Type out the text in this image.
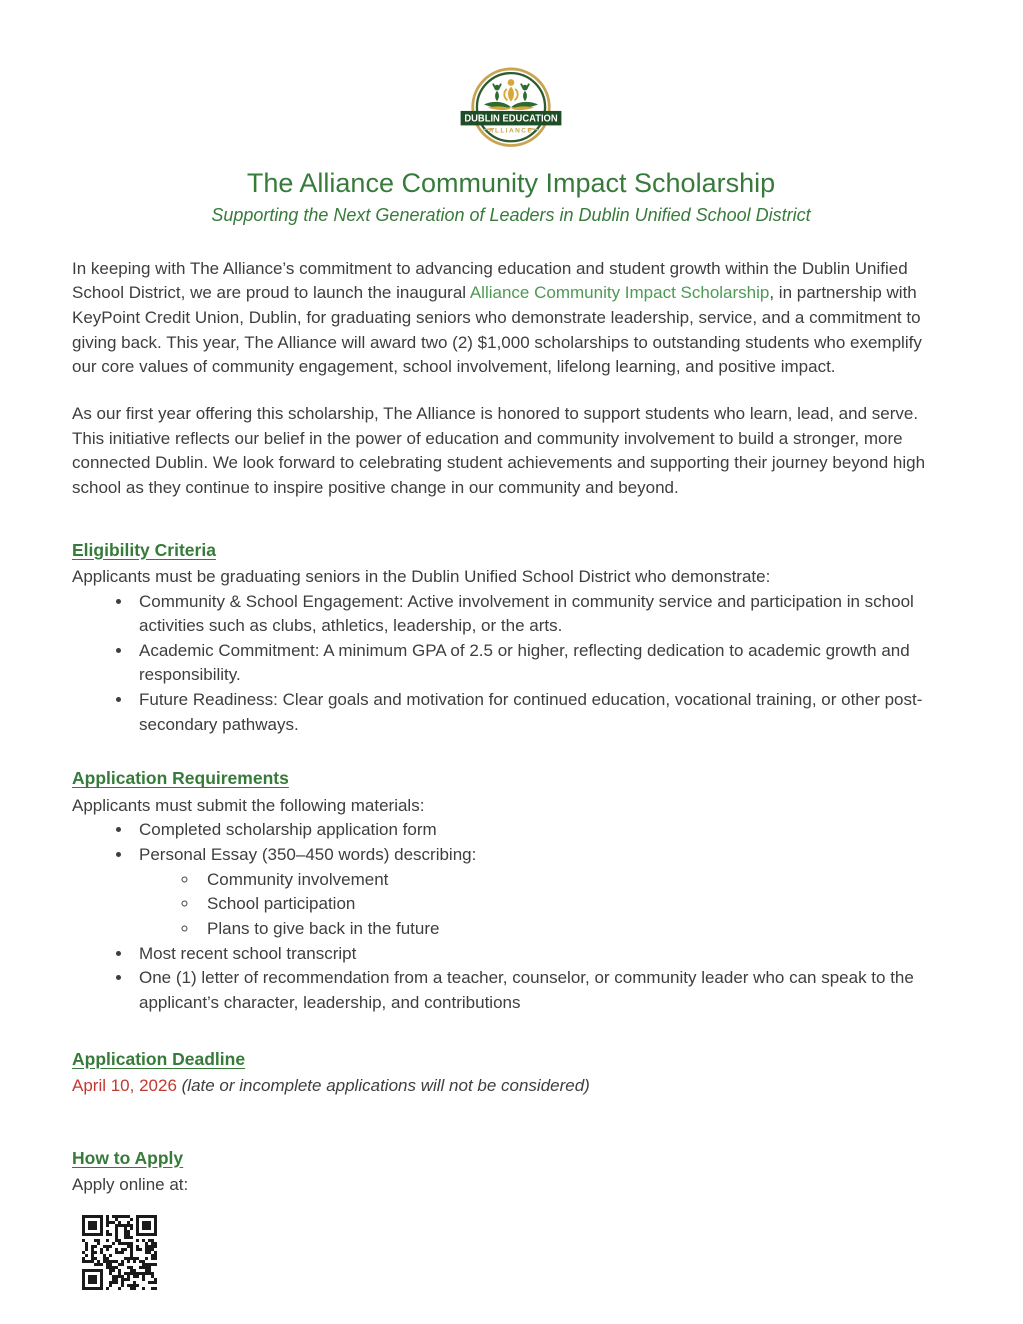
DUBLIN EDUCATION
ALLIANCE
The Alliance Community Impact Scholarship
Supporting the Next Generation of Leaders in Dublin Unified School District

In keeping with The Alliance’s commitment to advancing education and student growth within the Dublin Unified School District, we are proud to launch the inaugural Alliance Community Impact Scholarship, in partnership with KeyPoint Credit Union, Dublin, for graduating seniors who demonstrate leadership, service, and a commitment to giving back. This year, The Alliance will award two (2) $1,000 scholarships to outstanding students who exemplify our core values of community engagement, school involvement, lifelong learning, and positive impact.

As our first year offering this scholarship, The Alliance is honored to support students who learn, lead, and serve. This initiative reflects our belief in the power of education and community involvement to build a stronger, more connected Dublin. We look forward to celebrating student achievements and supporting their journey beyond high school as they continue to inspire positive change in our community and beyond.

Eligibility Criteria

Applicants must be graduating seniors in the Dublin Unified School District who demonstrate:

• Community & School Engagement: Active involvement in community service and participation in school activities such as clubs, athletics, leadership, or the arts.
• Academic Commitment: A minimum GPA of 2.5 or higher, reflecting dedication to academic growth and responsibility.
• Future Readiness: Clear goals and motivation for continued education, vocational training, or other post-secondary pathways.
Application Requirements

Applicants must submit the following materials:

• Completed scholarship application form
• Personal Essay (350–450 words) describing:
◦ Community involvement
◦ School participation
◦ Plans to give back in the future
• Most recent school transcript
• One (1) letter of recommendation from a teacher, counselor, or community leader who can speak to the applicant’s character, leadership, and contributions
Application Deadline

April 10, 2026 (late or incomplete applications will not be considered)

How to Apply

Apply online at:
